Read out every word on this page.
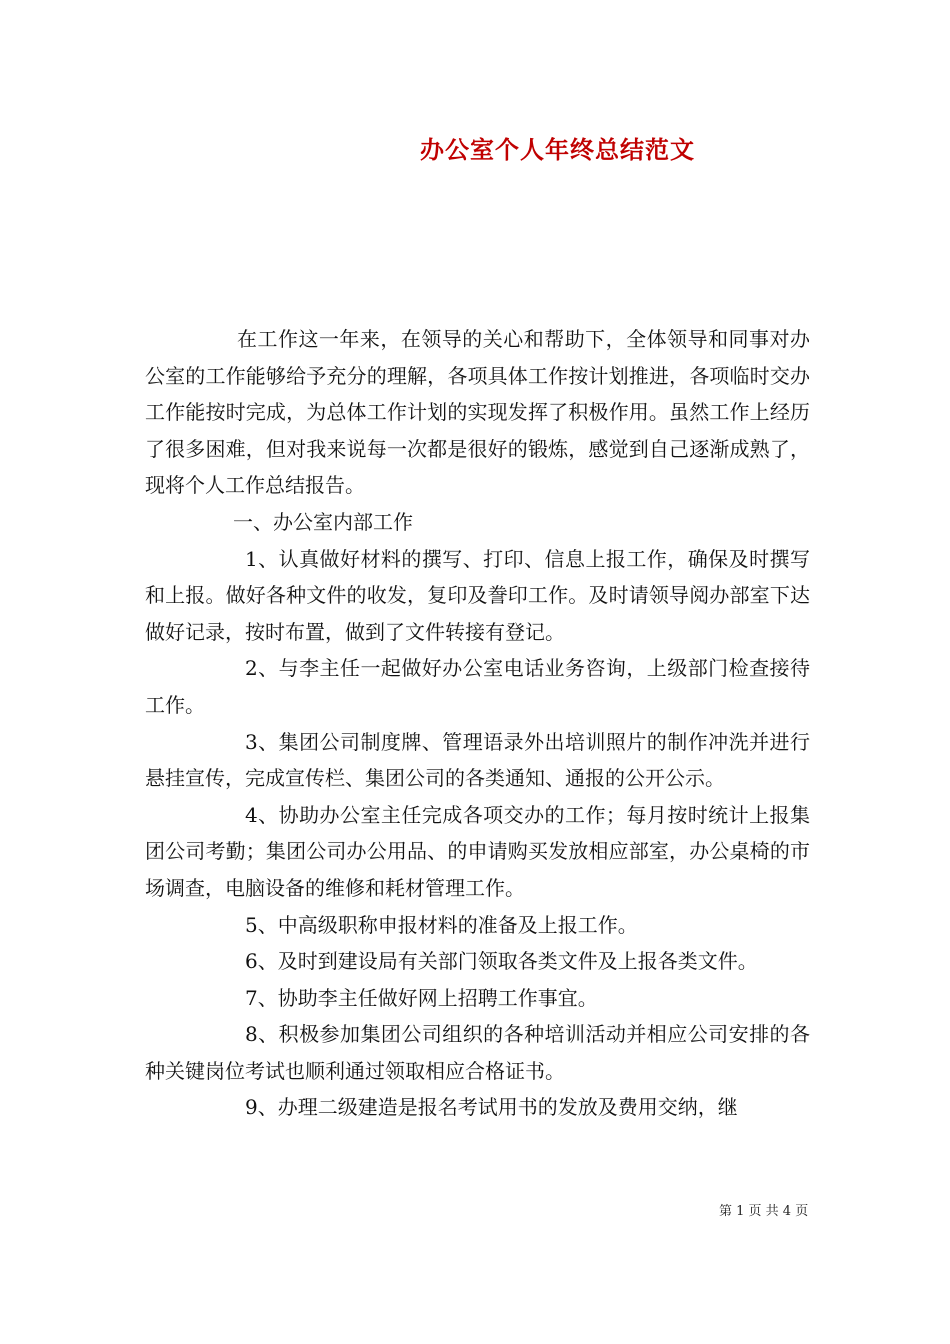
办公室个人年终总结范文

在工作这一年来，在领导的关心和帮助下，全体领导和同事对办公室的工作能够给予充分的理解，各项具体工作按计划推进，各项临时交办工作能按时完成，为总体工作计划的实现发挥了积极作用。虽然工作上经历了很多困难，但对我来说每一次都是很好的锻炼，感觉到自己逐渐成熟了，现将个人工作总结报告。

一、办公室内部工作

1、认真做好材料的撰写、打印、信息上报工作，确保及时撰写和上报。做好各种文件的收发，复印及誊印工作。及时请领导阅办部室下达做好记录，按时布置，做到了文件转接有登记。

2、与李主任一起做好办公室电话业务咨询，上级部门检查接待工作。

3、集团公司制度牌、管理语录外出培训照片的制作冲洗并进行悬挂宣传，完成宣传栏、集团公司的各类通知、通报的公开公示。

4、协助办公室主任完成各项交办的工作；每月按时统计上报集团公司考勤；集团公司办公用品、的申请购买发放相应部室，办公桌椅的市场调查，电脑设备的维修和耗材管理工作。

5、中高级职称申报材料的准备及上报工作。

6、及时到建设局有关部门领取各类文件及上报各类文件。

7、协助李主任做好网上招聘工作事宜。

8、积极参加集团公司组织的各种培训活动并相应公司安排的各种关键岗位考试也顺利通过领取相应合格证书。

9、办理二级建造是报名考试用书的发放及费用交纳，继

第 1 页 共 4 页
